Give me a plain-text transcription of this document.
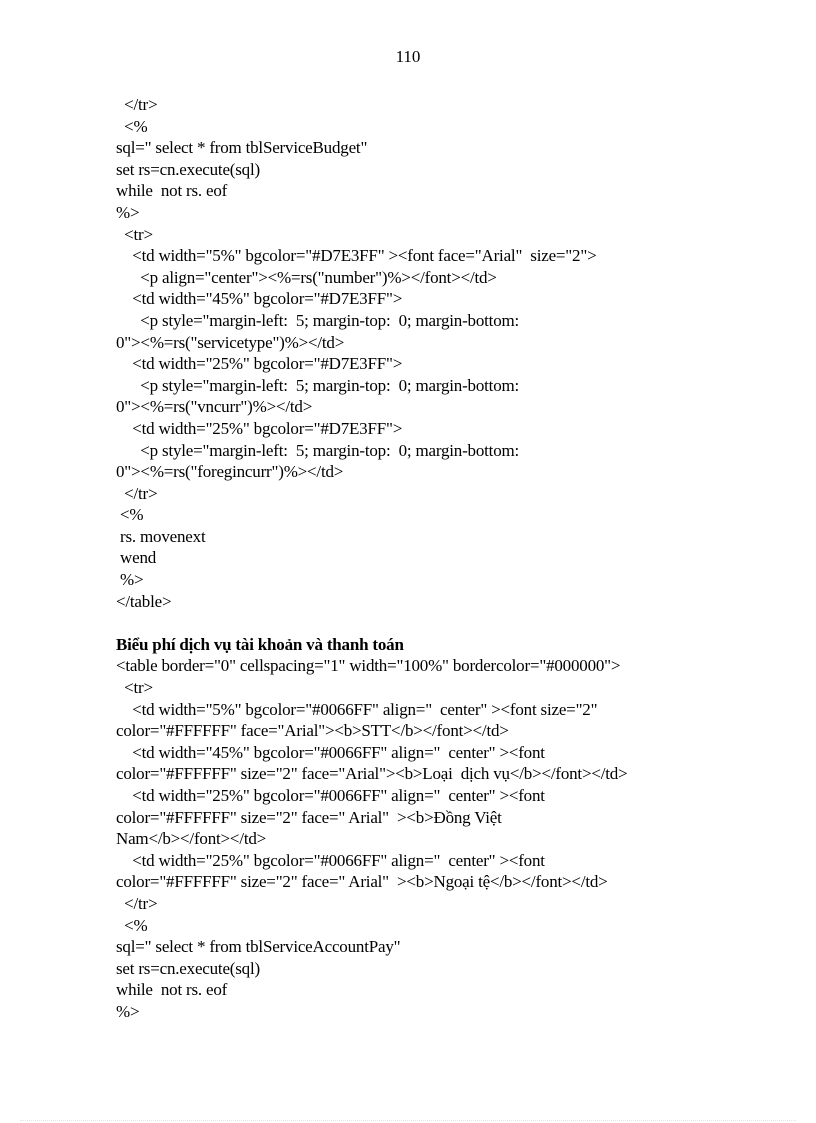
110
</tr>
<%
sql=" select * from tblServiceBudget"
set rs=cn.execute(sql)
while  not rs. eof
%>
<tr>
<td width="5%" bgcolor="#D7E3FF" ><font face="Arial"  size="2">
<p align="center"><%=rs("number")%></font></td>
<td width="45%" bgcolor="#D7E3FF">
<p style="margin-left:  5; margin-top:  0; margin-bottom:
0"><%=rs("servicetype")%></td>
<td width="25%" bgcolor="#D7E3FF">
<p style="margin-left:  5; margin-top:  0; margin-bottom:
0"><%=rs("vncurr")%></td>
<td width="25%" bgcolor="#D7E3FF">
<p style="margin-left:  5; margin-top:  0; margin-bottom:
0"><%=rs("foregincurr")%></td>
</tr>
<%
rs. movenext
wend
%>
</table>
Biểu phí dịch vụ tài khoản và thanh toán
<table border="0" cellspacing="1" width="100%" bordercolor="#000000">
<tr>
<td width="5%" bgcolor="#0066FF" align="  center" ><font size="2"
color="#FFFFFF" face="Arial"><b>STT</b></font></td>
<td width="45%" bgcolor="#0066FF" align="  center" ><font
color="#FFFFFF" size="2" face="Arial"><b>Loại  dịch vụ</b></font></td>
<td width="25%" bgcolor="#0066FF" align="  center" ><font
color="#FFFFFF" size="2" face=" Arial"  ><b>Đồng Việt
Nam</b></font></td>
<td width="25%" bgcolor="#0066FF" align="  center" ><font
color="#FFFFFF" size="2" face=" Arial"  ><b>Ngoại tệ</b></font></td>
</tr>
<%
sql=" select * from tblServiceAccountPay"
set rs=cn.execute(sql)
while  not rs. eof
%>
